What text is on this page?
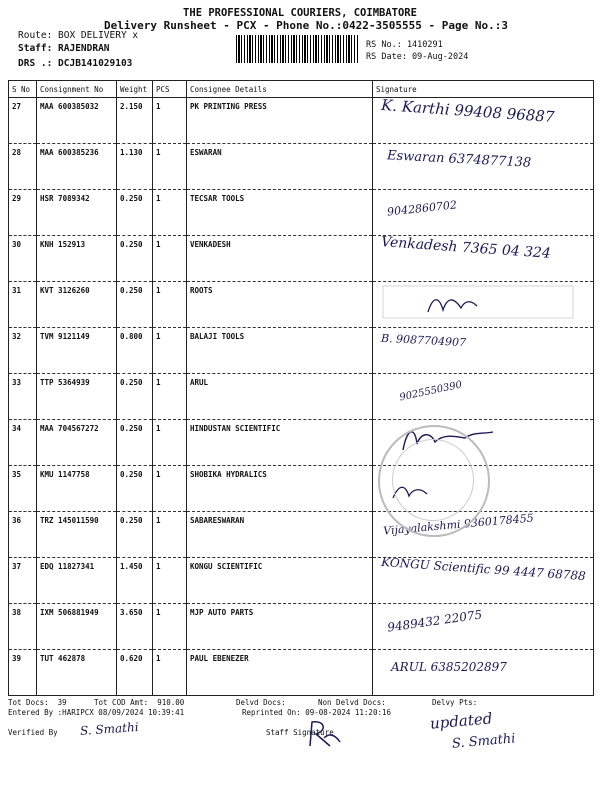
THE PROFESSIONAL COURIERS, COIMBATORE
Delivery Runsheet - PCX - Phone No.:0422-3505555 - Page No.:3
Route: BOX DELIVERY x
Staff: RAJENDRAN
DRS .: DCJB141029103
RS No.: 1410291
RS Date: 09-Aug-2024
S No	Consignment No	Weight	PCS	Consignee Details	Signature
27	MAA 600385032	2.150	1	PK PRINTING PRESS	K. Karthi 99408 96887

28	MAA 600385236	1.130	1	ESWARAN	Eswaran 6374877138

29	HSR 7089342	0.250	1	TECSAR TOOLS	9042860702

30	KNH 152913	0.250	1	VENKADESH	Venkadesh 7365 04 324

31	KVT 3126260	0.250	1	ROOTS	

32	TVM 9121149	0.800	1	BALAJI TOOLS	B. 9087704907

33	TTP 5364939	0.250	1	ARUL	9025550390

34	MAA 704567272	0.250	1	HINDUSTAN SCIENTIFIC	

35	KMU 1147758	0.250	1	SHOBIKA HYDRALICS	

36	TRZ 145011590	0.250	1	SABARESWARAN	Vijayalakshmi 9360178455

37	EDQ 11827341	1.450	1	KONGU SCIENTIFIC	KONGU Scientific 99 4447 68788

38	IXM 506881949	3.650	1	MJP AUTO PARTS	9489432 22075

39	TUT 462878	0.620	1	PAUL EBENEZER	ARUL 6385202897
Tot Docs:  39	Tot COD Amt:  910.00	Delvd Docs:	Non Delvd Docs:	Delvy Pts:
Entered By :HARIPCX 08/09/2024 10:39:41	Reprinted On: 09-08-2024 11:20:16
Verified By S. Smathi	Staff Signature	updated
S. Smathi
